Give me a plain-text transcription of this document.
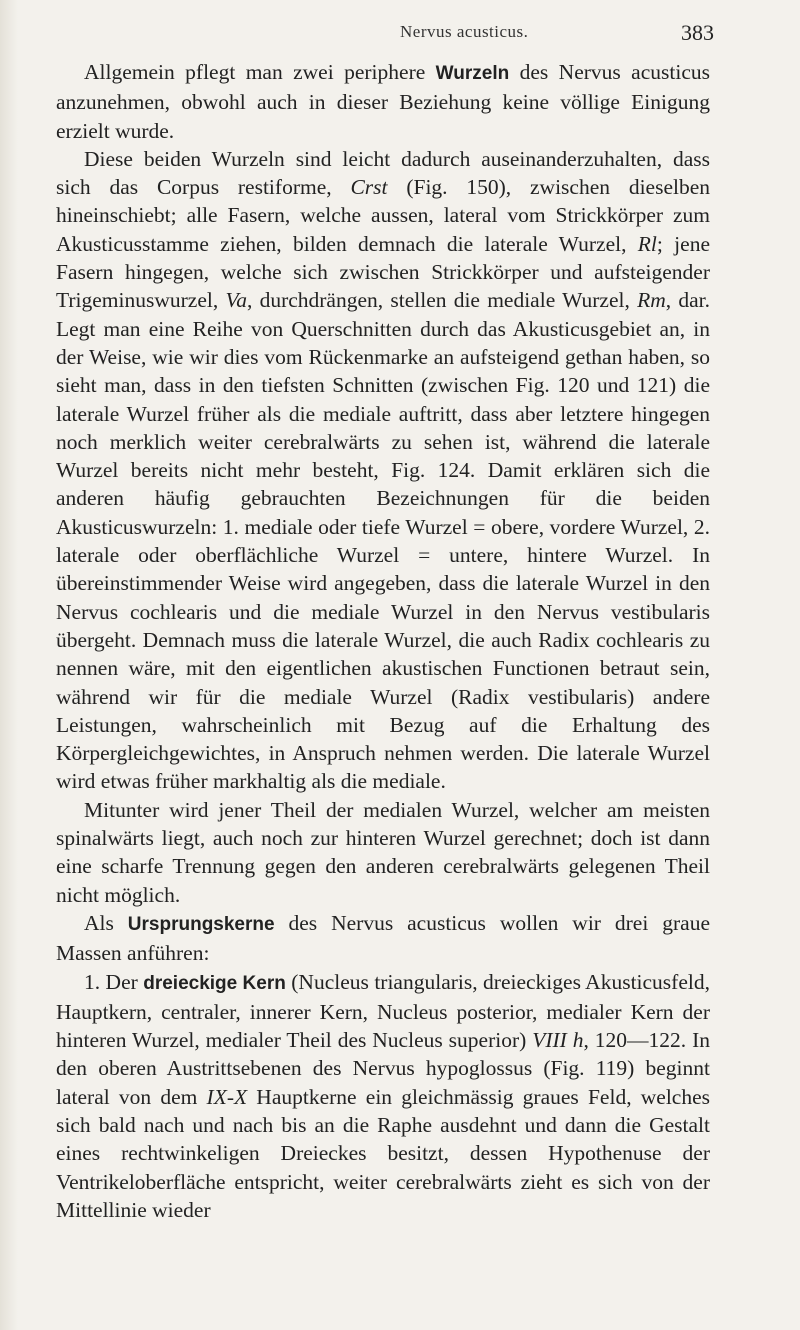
Nervus acusticus.	383

Allgemein pflegt man zwei periphere Wurzeln des Nervus acusticus anzunehmen, obwohl auch in dieser Beziehung keine völlige Einigung erzielt wurde.

Diese beiden Wurzeln sind leicht dadurch auseinanderzuhalten, dass sich das Corpus restiforme, Crst (Fig. 150), zwischen dieselben hineinschiebt; alle Fasern, welche aussen, lateral vom Strickkörper zum Akusticusstamme ziehen, bilden demnach die laterale Wurzel, Rl; jene Fasern hingegen, welche sich zwischen Strickkörper und aufsteigender Trigeminuswurzel, Va, durchdrängen, stellen die mediale Wurzel, Rm, dar. Legt man eine Reihe von Querschnitten durch das Akusticusgebiet an, in der Weise, wie wir dies vom Rückenmarke an aufsteigend gethan haben, so sieht man, dass in den tiefsten Schnitten (zwischen Fig. 120 und 121) die laterale Wurzel früher als die mediale auftritt, dass aber letztere hingegen noch merklich weiter cerebralwärts zu sehen ist, während die laterale Wurzel bereits nicht mehr besteht, Fig. 124. Damit erklären sich die anderen häufig gebrauchten Bezeichnungen für die beiden Akusticuswurzeln: 1. mediale oder tiefe Wurzel = obere, vordere Wurzel, 2. laterale oder oberflächliche Wurzel = untere, hintere Wurzel. In übereinstimmender Weise wird angegeben, dass die laterale Wurzel in den Nervus cochlearis und die mediale Wurzel in den Nervus vestibularis übergeht. Demnach muss die laterale Wurzel, die auch Radix cochlearis zu nennen wäre, mit den eigentlichen akustischen Functionen betraut sein, während wir für die mediale Wurzel (Radix vestibularis) andere Leistungen, wahrscheinlich mit Bezug auf die Erhaltung des Körpergleichgewichtes, in Anspruch nehmen werden. Die laterale Wurzel wird etwas früher markhaltig als die mediale.

Mitunter wird jener Theil der medialen Wurzel, welcher am meisten spinalwärts liegt, auch noch zur hinteren Wurzel gerechnet; doch ist dann eine scharfe Trennung gegen den anderen cerebralwärts gelegenen Theil nicht möglich.

Als Ursprungskerne des Nervus acusticus wollen wir drei graue Massen anführen:

1. Der dreieckige Kern (Nucleus triangularis, dreieckiges Akusticusfeld, Hauptkern, centraler, innerer Kern, Nucleus posterior, medialer Kern der hinteren Wurzel, medialer Theil des Nucleus superior) VIII h, 120—122. In den oberen Austrittsebenen des Nervus hypoglossus (Fig. 119) beginnt lateral von dem IX-X Hauptkerne ein gleichmässig graues Feld, welches sich bald nach und nach bis an die Raphe ausdehnt und dann die Gestalt eines rechtwinkeligen Dreieckes besitzt, dessen Hypothenuse der Ventrikeloberfläche entspricht, weiter cerebralwärts zieht es sich von der Mittellinie wieder
